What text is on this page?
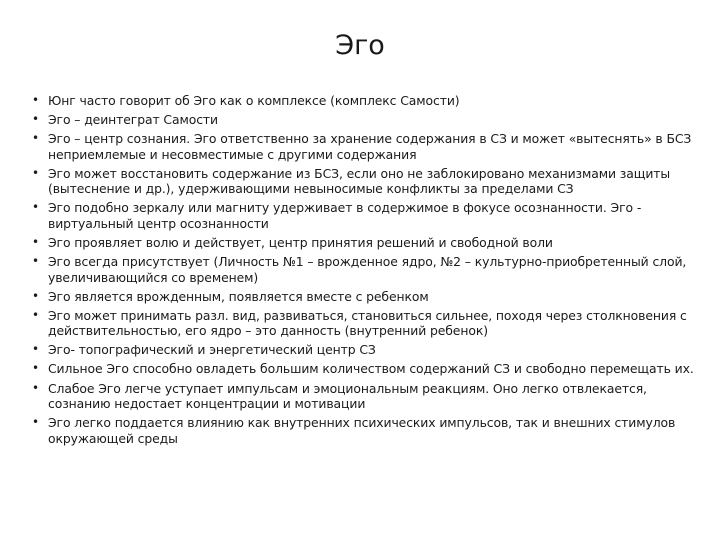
Эго
• Юнг часто говорит об Эго как о комплексе (комплекс Самости)
• Эго – деинтеграт Самости
• Эго – центр сознания. Эго ответственно за хранение содержания в СЗ и может «вытеснять» в БСЗ неприемлемые и несовместимые с другими содержания
• Эго может восстановить содержание из БСЗ, если оно не заблокировано механизмами защиты (вытеснение и др.), удерживающими невыносимые конфликты за пределами СЗ
• Эго подобно зеркалу или магниту удерживает в содержимое в фокусе осознанности. Эго - виртуальный центр осознанности
• Эго проявляет волю и действует, центр принятия решений и свободной воли
• Эго всегда присутствует (Личность №1 – врожденное ядро, №2 – культурно-приобретенный слой, увеличивающийся со временем)
• Эго является врожденным, появляется вместе с ребенком
• Эго может принимать разл. вид, развиваться, становиться сильнее, походя через столкновения с действительностью, его ядро – это данность (внутренний ребенок)
• Эго- топографический и энергетический центр СЗ
• Сильное Эго способно овладеть большим количеством содержаний СЗ и свободно перемещать их.
• Слабое Эго легче уступает импульсам и эмоциональным реакциям. Оно легко отвлекается, сознанию недостает концентрации и мотивации
• Эго легко поддается влиянию как внутренних психических импульсов, так и внешних стимулов окружающей среды
